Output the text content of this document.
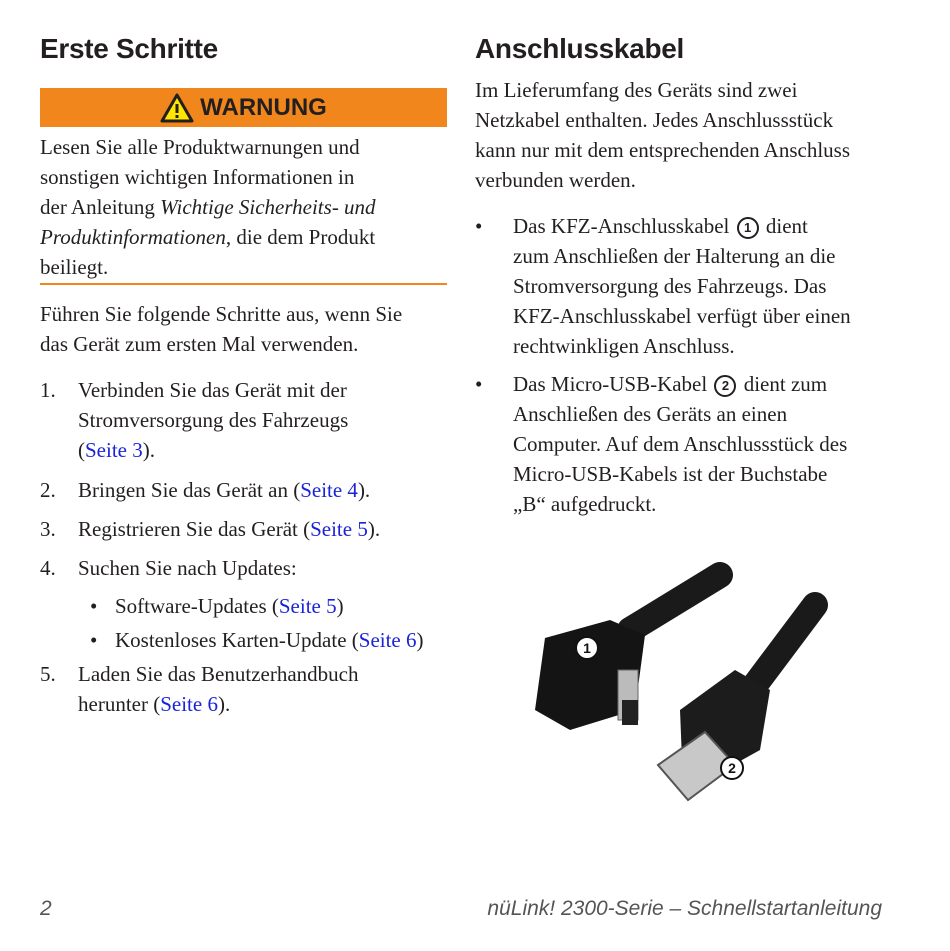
Erste Schritte
WARNUNG
Lesen Sie alle Produktwarnungen und
sonstigen wichtigen Informationen in
der Anleitung Wichtige Sicherheits- und
Produktinformationen, die dem Produkt
beiliegt.
Führen Sie folgende Schritte aus, wenn Sie
das Gerät zum ersten Mal verwenden.
1. Verbinden Sie das Gerät mit der
Stromversorgung des Fahrzeugs
(Seite 3).
2. Bringen Sie das Gerät an (Seite 4).
3. Registrieren Sie das Gerät (Seite 5).
4. Suchen Sie nach Updates:
• Software-Updates (Seite 5)
• Kostenloses Karten-Update (Seite 6)
5. Laden Sie das Benutzerhandbuch
herunter (Seite 6).
Anschlusskabel
Im Lieferumfang des Geräts sind zwei
Netzkabel enthalten. Jedes Anschlussstück
kann nur mit dem entsprechenden Anschluss
verbunden werden.
• Das KFZ-Anschlusskabel 1 dient
zum Anschließen der Halterung an die
Stromversorgung des Fahrzeugs. Das
KFZ-Anschlusskabel verfügt über einen
rechtwinkligen Anschluss.
• Das Micro-USB-Kabel 2 dient zum
Anschließen des Geräts an einen
Computer. Auf dem Anschlussstück des
Micro-USB-Kabels ist der Buchstabe
„B“ aufgedruckt.
1
2
2	nüLink! 2300-Serie – Schnellstartanleitung
